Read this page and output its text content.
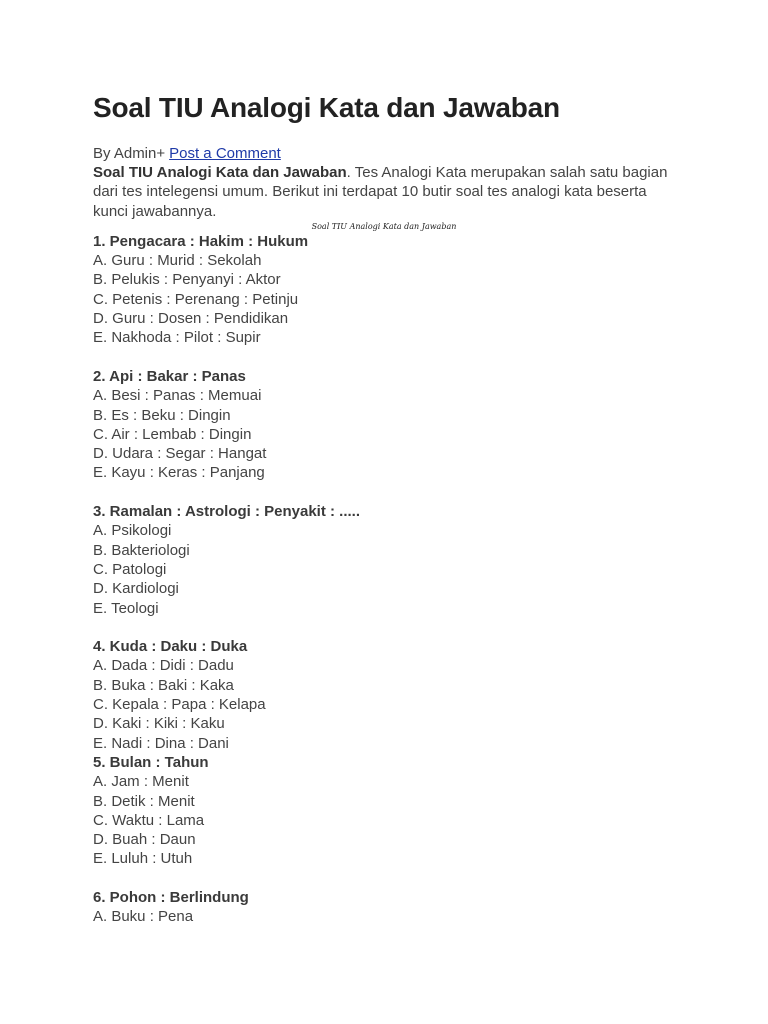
Soal TIU Analogi Kata dan Jawaban
By Admin+ Post a Comment
Soal TIU Analogi Kata dan Jawaban. Tes Analogi Kata merupakan salah satu bagian dari tes intelegensi umum. Berikut ini terdapat 10 butir soal tes analogi kata beserta kunci jawabannya.
Soal TIU Analogi Kata dan Jawaban
1. Pengacara : Hakim : Hukum
A. Guru : Murid : Sekolah
B. Pelukis : Penyanyi : Aktor
C. Petenis : Perenang : Petinju
D. Guru : Dosen : Pendidikan
E. Nakhoda : Pilot : Supir
2. Api : Bakar : Panas
A. Besi : Panas : Memuai
B. Es : Beku : Dingin
C. Air : Lembab : Dingin
D. Udara : Segar : Hangat
E. Kayu : Keras : Panjang
3. Ramalan : Astrologi : Penyakit : .....
A. Psikologi
B. Bakteriologi
C. Patologi
D. Kardiologi
E. Teologi
4. Kuda : Daku : Duka
A. Dada : Didi : Dadu
B. Buka : Baki : Kaka
C. Kepala : Papa : Kelapa
D. Kaki : Kiki : Kaku
E. Nadi : Dina : Dani
5. Bulan : Tahun
A. Jam : Menit
B. Detik : Menit
C. Waktu : Lama
D. Buah : Daun
E. Luluh : Utuh
6. Pohon : Berlindung
A. Buku : Pena
